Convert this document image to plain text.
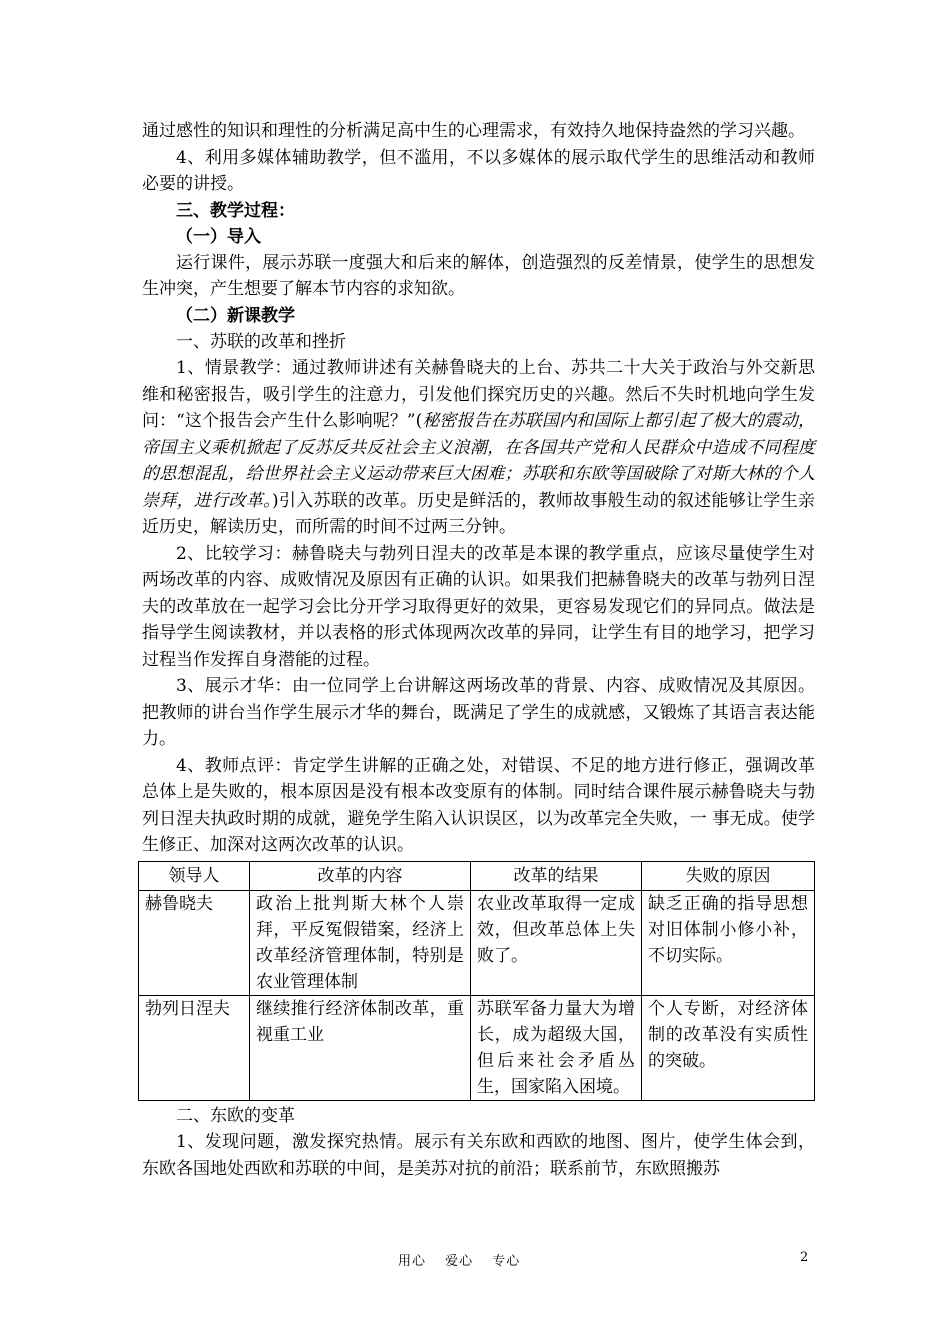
通过感性的知识和理性的分析满足高中生的心理需求，有效持久地保持盎然的学习兴趣。

4、利用多媒体辅助教学，但不滥用，不以多媒体的展示取代学生的思维活动和教师必要的讲授。

三、教学过程：

（一）导入

运行课件，展示苏联一度强大和后来的解体，创造强烈的反差情景，使学生的思想发生冲突，产生想要了解本节内容的求知欲。

（二）新课教学

一、苏联的改革和挫折

1、情景教学：通过教师讲述有关赫鲁晓夫的上台、苏共二十大关于政治与外交新思维和秘密报告，吸引学生的注意力，引发他们探究历史的兴趣。然后不失时机地向学生发问：“这个报告会产生什么影响呢？”(秘密报告在苏联国内和国际上都引起了极大的震动，帝国主义乘机掀起了反苏反共反社会主义浪潮，在各国共产党和人民群众中造成不同程度的思想混乱，给世界社会主义运动带来巨大困难；苏联和东欧等国破除了对斯大林的个人崇拜，进行改革。)引入苏联的改革。历史是鲜活的，教师故事般生动的叙述能够让学生亲近历史，解读历史，而所需的时间不过两三分钟。

2、比较学习：赫鲁晓夫与勃列日涅夫的改革是本课的教学重点，应该尽量使学生对两场改革的内容、成败情况及原因有正确的认识。如果我们把赫鲁晓夫的改革与勃列日涅夫的改革放在一起学习会比分开学习取得更好的效果，更容易发现它们的异同点。做法是指导学生阅读教材，并以表格的形式体现两次改革的异同，让学生有目的地学习，把学习过程当作发挥自身潜能的过程。

3、展示才华：由一位同学上台讲解这两场改革的背景、内容、成败情况及其原因。把教师的讲台当作学生展示才华的舞台，既满足了学生的成就感，又锻炼了其语言表达能力。

4、教师点评：肯定学生讲解的正确之处，对错误、不足的地方进行修正，强调改革总体上是失败的，根本原因是没有根本改变原有的体制。同时结合课件展示赫鲁晓夫与勃列日涅夫执政时期的成就，避免学生陷入认识误区，以为改革完全失败，一 事无成。使学生修正、加深对这两次改革的认识。

领导人	改革的内容	改革的结果	失败的原因
赫鲁晓夫	政治上批判斯大林个人崇拜，平反冤假错案，经济上改革经济管理体制，特别是农业管理体制	农业改革取得一定成效，但改革总体上失败了。	缺乏正确的指导思想对旧体制小修小补，不切实际。
勃列日涅夫	继续推行经济体制改革，重视重工业	苏联军备力量大为增长，成为超级大国，但后来社会矛盾丛生，国家陷入困境。	个人专断，对经济体制的改革没有实质性的突破。

二、东欧的变革

1、发现问题，激发探究热情。展示有关东欧和西欧的地图、图片，使学生体会到，东欧各国地处西欧和苏联的中间，是美苏对抗的前沿；联系前节，东欧照搬苏

用心　 爱心　 专心	2
